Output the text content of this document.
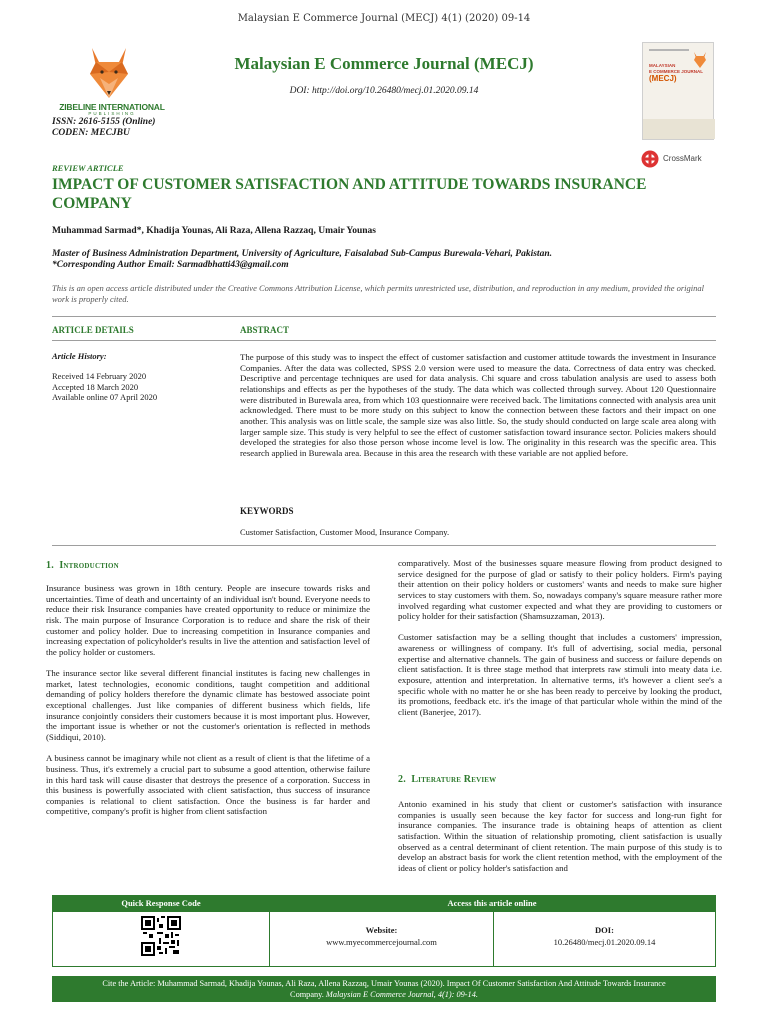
Malaysian E Commerce Journal (MECJ) 4(1) (2020) 09-14
ZIBELINE INTERNATIONAL
PUBLISHING
Malaysian E Commerce Journal (MECJ)
DOI: http://doi.org/10.26480/mecj.01.2020.09.14
ISSN: 2616-5155 (Online)
CODEN: MECJBU
MALAYSIAN
E COMMERCE JOURNAL
(MECJ)
CrossMark
REVIEW ARTICLE
IMPACT OF CUSTOMER SATISFACTION AND ATTITUDE TOWARDS INSURANCE COMPANY
Muhammad Sarmad*, Khadija Younas, Ali Raza, Allena Razzaq, Umair Younas
Master of Business Administration Department, University of Agriculture, Faisalabad Sub-Campus Burewala-Vehari, Pakistan.
*Corresponding Author Email: Sarmadbhatti43@gmail.com
This is an open access article distributed under the Creative Commons Attribution License, which permits unrestricted use, distribution, and reproduction in any medium, provided the original work is properly cited.
ARTICLE DETAILS	ABSTRACT
Article History:
Received 14 February 2020
Accepted 18 March 2020
Available online 07 April 2020
The purpose of this study was to inspect the effect of customer satisfaction and customer attitude towards the investment in Insurance Companies. After the data was collected, SPSS 2.0 version were used to measure the data. Correctness of data entry was checked. Descriptive and percentage techniques are used for data analysis. Chi square and cross tabulation analysis are used to assess both relationships and effects as per the hypotheses of the study. The data which was collected through survey. About 120 Questionnaire were distributed in Burewala area, from which 103 questionnaire were received back. The limitations connected with analysis area unit acknowledged. There must to be more study on this subject to know the connection between these factors and their impact on one another. This analysis was on little scale, the sample size was also little. So, the study should conducted on large scale area along with larger sample size. This study is very helpful to see the effect of customer satisfaction toward insurance sector. Policies makers should developed the strategies for also those person whose income level is low. The originality in this research was the specific area. This research applied in Burewala area. Because in this area the research with these variable are not applied before.
KEYWORDS
Customer Satisfaction, Customer Mood, Insurance Company.
1. Introduction

Insurance business was grown in 18th century. People are insecure towards risks and uncertainties. Time of death and uncertainty of an individual isn't bound. Everyone needs to reduce their risk Insurance companies have created opportunity to reduce or minimize the risk. The main purpose of Insurance Corporation is to reduce and share the risk of their customer and policy holder. Due to increasing competition in Insurance companies and increasing expectation of policyholder's results in live the attention and satisfaction level of the policy holder or customers.

The insurance sector like several different financial institutes is facing new challenges in market, latest technologies, economic conditions, taught competition and additional demanding of policy holders therefore the dynamic climate has bestowed associate point exceptional challenges. Just like companies of different business which fields, life insurance conjointly considers their customers because it is most important plus. However, the important issue is whether or not the customer's orientation is reflected in methods (Siddiqui, 2010).

A business cannot be imaginary while not client as a result of client is that the lifetime of a business. Thus, it's extremely a crucial part to subsume a good attention, otherwise failure in this hard task will cause disaster that destroys the presence of a corporation. Success in this business is powerfully associated with client satisfaction, thus success of insurance companies is relational to client satisfaction. Once the business is far harder and competitive, company's profit is higher from client satisfaction

comparatively. Most of the businesses square measure flowing from product designed to service designed for the purpose of glad or satisfy to their policy holders. Firm's paying their attention on their policy holders or customers' wants and needs to make sure higher services to stay customers with them. So, nowadays company's square measure rather more involved regarding what customer expected and what they are providing to customers or policy holder for their satisfaction (Shamsuzzaman, 2013).

Customer satisfaction may be a selling thought that includes a customers' impression, awareness or willingness of company. It's full of advertising, social media, personal expertise and alternative channels. The gain of business and success or failure depends on client satisfaction. It is three stage method that interprets raw stimuli into meaty data i.e. exposure, attention and interpretation. In alternative terms, it's however a client see's a specific whole with no matter he or she has been ready to perceive by looking the product, its promotions, feedback etc. it's the image of that particular whole within the mind of the client (Banerjee, 2017).

2. Literature Review

Antonio examined in his study that client or customer's satisfaction with insurance companies is usually seen because the key factor for success and long-run fight for insurance companies. The insurance trade is obtaining heaps of attention as client satisfaction. Within the situation of relationship promoting, client satisfaction is usually observed as a central determinant of client retention. The main purpose of this study is to develop an abstract basis for work the client retention method, with the employment of the ideas of client or policy holder's satisfaction and

Quick Response Code	Access this article online
Website:
www.myecommercejournal.com
DOI:
10.26480/mecj.01.2020.09.14
Cite the Article: Muhammad Sarmad, Khadija Younas, Ali Raza, Allena Razzaq, Umair Younas (2020). Impact Of Customer Satisfaction And Attitude Towards Insurance
Company. Malaysian E Commerce Journal, 4(1): 09-14.
